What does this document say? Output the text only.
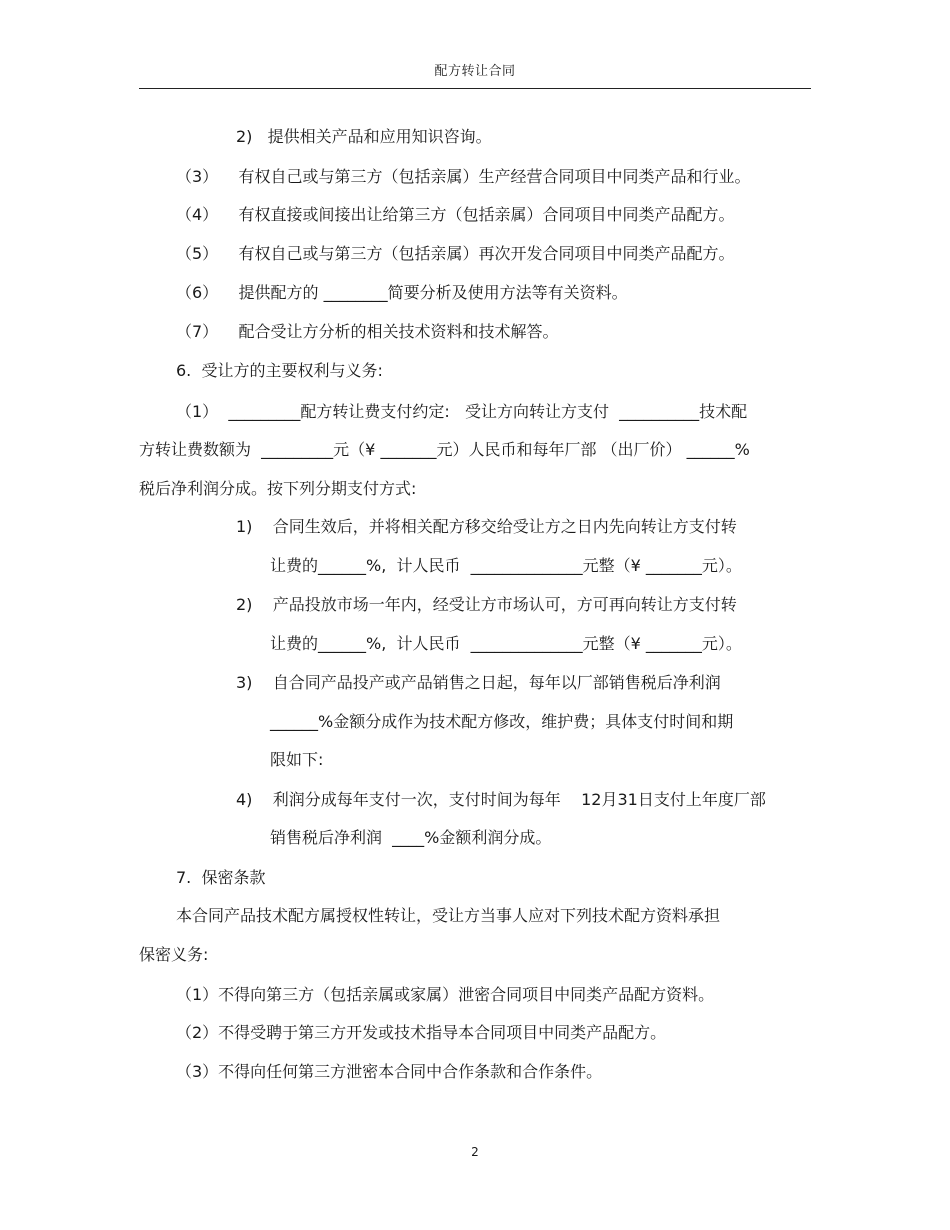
配方转让合同
2)   提供相关产品和应用知识咨询。
（3）    有权自己或与第三方（包括亲属）生产经营合同项目中同类产品和行业。
（4）    有权直接或间接出让给第三方（包括亲属）合同项目中同类产品配方。
（5）    有权自己或与第三方（包括亲属）再次开发合同项目中同类产品配方。
（6）    提供配方的 ________简要分析及使用方法等有关资料。
（7）    配合受让方分析的相关技术资料和技术解答。
6.  受让方的主要权利与义务:
（1）  _________配方转让费支付约定:   受让方向转让方支付  __________技术配
方转让费数额为  _________元（¥ _______元）人民币和每年厂部 （出厂价） ______%
税后净利润分成。按下列分期支付方式:
1)    合同生效后，并将相关配方移交给受让方之日内先向转让方支付转
让费的______%,  计人民币  ______________元整（¥ _______元）。
2)    产品投放市场一年内，经受让方市场认可，方可再向转让方支付转
让费的______%,  计人民币  ______________元整（¥ _______元）。
3)    自合同产品投产或产品销售之日起，每年以厂部销售税后净利润
______%金额分成作为技术配方修改，维护费；具体支付时间和期
限如下:
4)    利润分成每年支付一次，支付时间为每年    12月31日支付上年度厂部
销售税后净利润  ____%金额利润分成。
7.  保密条款
本合同产品技术配方属授权性转让，受让方当事人应对下列技术配方资料承担
保密义务:
（1）不得向第三方（包括亲属或家属）泄密合同项目中同类产品配方资料。
（2）不得受聘于第三方开发或技术指导本合同项目中同类产品配方。
（3）不得向任何第三方泄密本合同中合作条款和合作条件。
2
